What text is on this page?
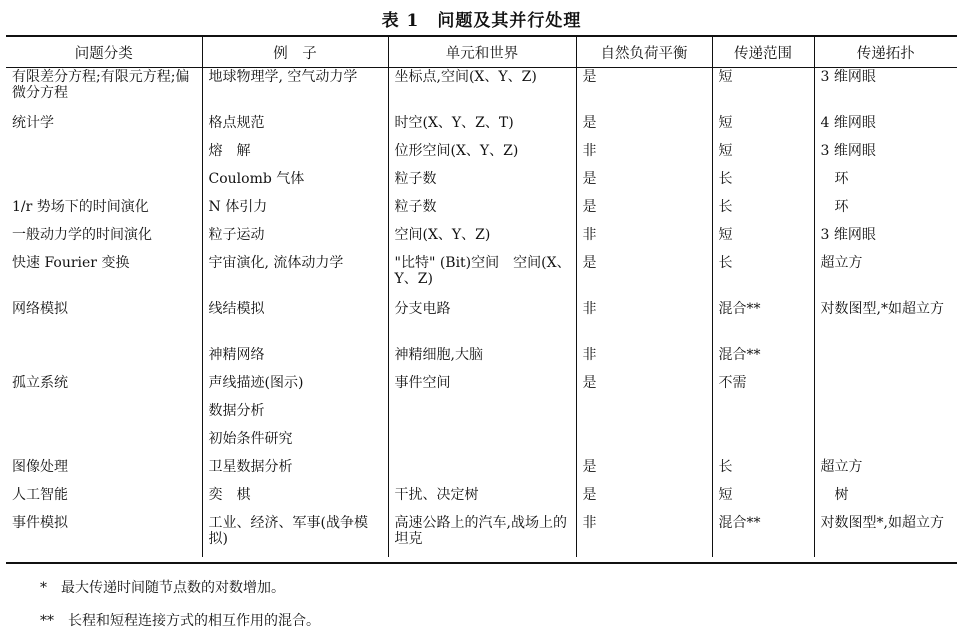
表 1　问题及其并行处理
问题分类	例　子	单元和世界	自然负荷平衡	传递范围	传递拓扑
有限差分方程;有限元方程;偏微分方程	地球物理学, 空气动力学	坐标点,空间(X、Y、Z)	是	短	3 维网眼
统计学	格点规范	时空(X、Y、Z、T)	是	短	4 维网眼
	熔　解	位形空间(X、Y、Z)	非	短	3 维网眼
	Coulomb 气体	粒子数	是	长	　环
1/r 势场下的时间演化	N 体引力	粒子数	是	长	　环
一般动力学的时间演化	粒子运动	空间(X、Y、Z)	非	短	3 维网眼
快速 Fourier 变换	宇宙演化, 流体动力学	"比特" (Bit)空间　空间(X、Y、Z)	是	长	超立方
网络模拟	线结模拟	分支电路	非	混合**	对数图型,*如超立方
	神精网络	神精细胞,大脑	非	混合**	
孤立系统	声线描迹(图示)	事件空间	是	不需	
	数据分析				
	初始条件研究				
图像处理	卫星数据分析		是	长	超立方
人工智能	奕　棋	干扰、决定树	是	短	　树
事件模拟	工业、经济、军事(战争模拟)	高速公路上的汽车,战场上的坦克	非	混合**	对数图型*,如超立方
*　最大传递时间随节点数的对数增加。
**　长程和短程连接方式的相互作用的混合。
